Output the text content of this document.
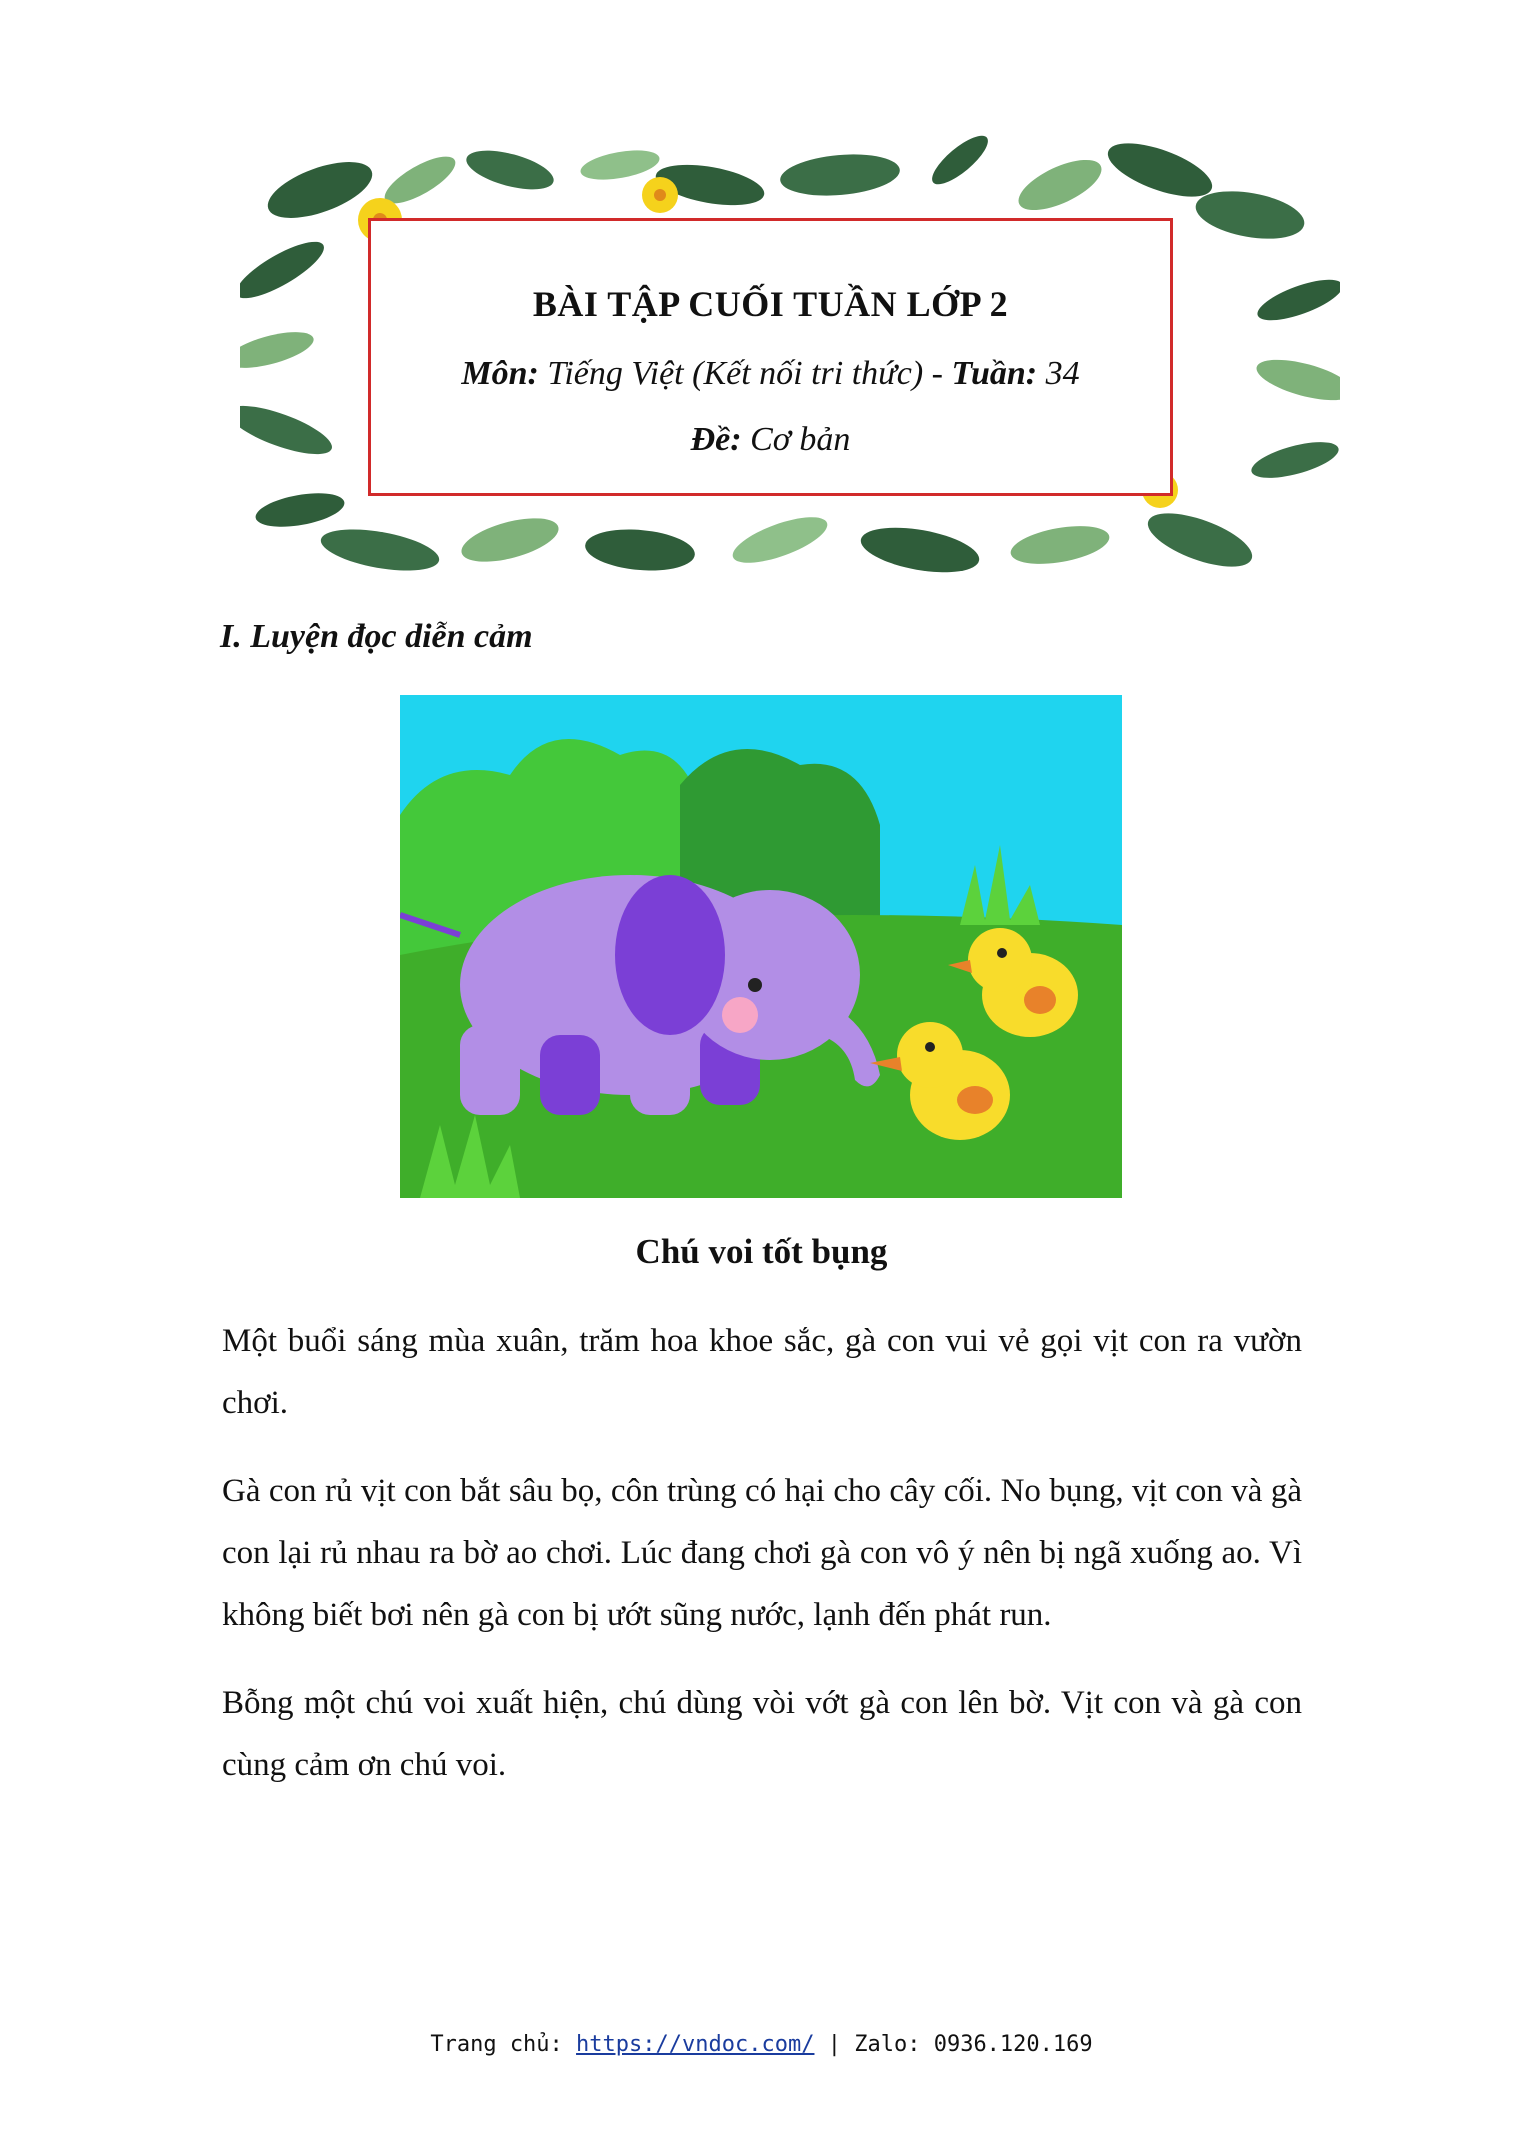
BÀI TẬP CUỐI TUẦN LỚP 2
Môn: Tiếng Việt (Kết nối tri thức) - Tuần: 34
Đề: Cơ bản
I. Luyện đọc diễn cảm
Chú voi tốt bụng

Một buổi sáng mùa xuân, trăm hoa khoe sắc, gà con vui vẻ gọi vịt con ra vườn chơi.

Gà con rủ vịt con bắt sâu bọ, côn trùng có hại cho cây cối. No bụng, vịt con và gà con lại rủ nhau ra bờ ao chơi. Lúc đang chơi gà con vô ý nên bị ngã xuống ao. Vì không biết bơi nên gà con bị ướt sũng nước, lạnh đến phát run.

Bỗng một chú voi xuất hiện, chú dùng vòi vớt gà con lên bờ. Vịt con và gà con cùng cảm ơn chú voi.

Trang chủ: https://vndoc.com/ | Zalo: 0936.120.169
